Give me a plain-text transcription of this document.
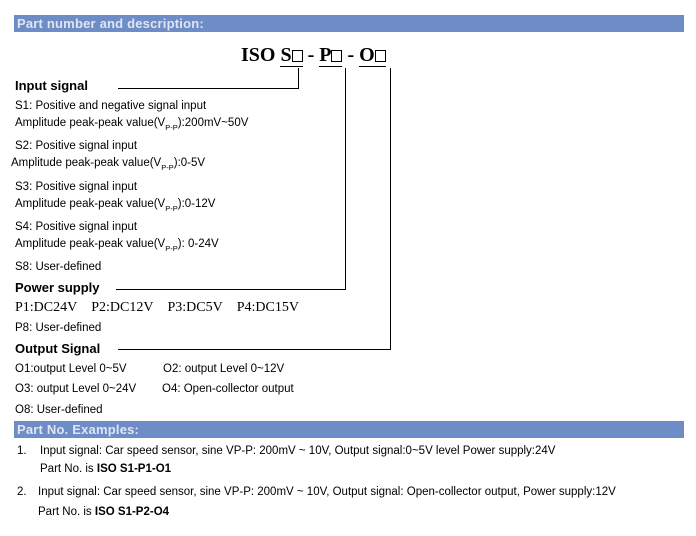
Part number and description:
ISO S - P - O
Input signal
S1: Positive and negative signal input
Amplitude peak-peak $value(V_{P-P}):200mV\sim 50V$
S2: Positive signal input
Amplitude peak-peak $value(V_{P-P}):0-5V$
S3: Positive signal input
Amplitude peak-peak $value(V_{P-P}):0-12V$
S4: Positive signal input
Amplitude peak-peak $value(V_{P-P})$: 0-24V
S8: User-defined
Power supply
P1:DC24V P2:DC12V P3:DC5V P4:DC15V
P8: User-defined
Output Signal
O1:output Level 0~5V	O2: output Level 0~12V
O3: output Level 0~24V O4: Open-collector output
O8: User-defined
Part No. Examples:
1. Input signal: Car speed sensor, sine VP-P: 200mV ~ 10V, Output signal:0~5V level Power supply:24V
Part No. is ISO S1-P1-O1
2. Input signal: Car speed sensor, sine VP-P: 200mV ~ 10V, Output signal: Open-collector output, Power supply:12V
Part No. is ISO S1-P2-O4
